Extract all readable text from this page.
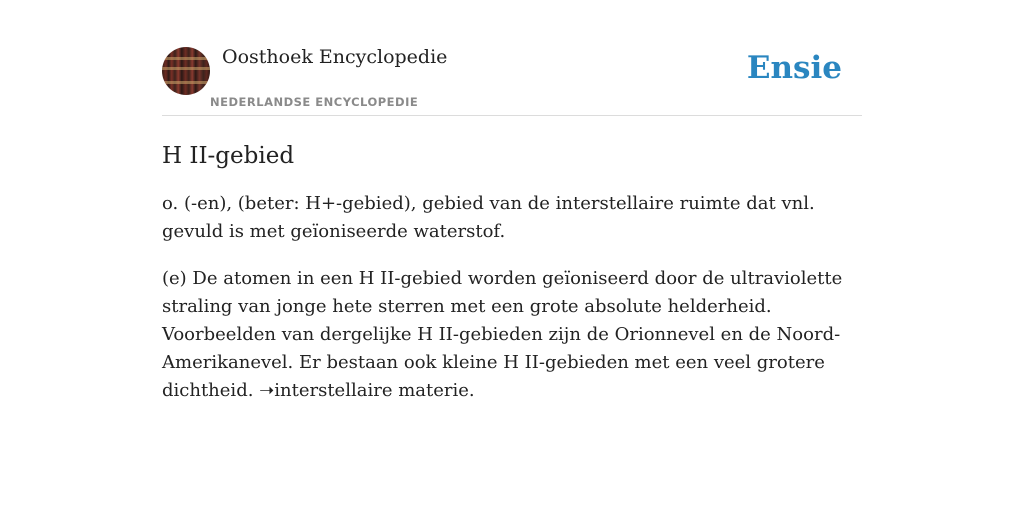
Oosthoek Encyclopedie
NEDERLANDSE ENCYCLOPEDIE
Ensie
H II-gebied

o. (-en), (beter: H+-gebied), gebied van de interstellaire ruimte dat vnl. gevuld is met geïoniseerde waterstof.

(e) De atomen in een H II-gebied worden geïoniseerd door de ultraviolette straling van jonge hete sterren met een grote absolute helderheid. Voorbeelden van dergelijke H II-gebieden zijn de Orionnevel en de Noord-Amerikanevel. Er bestaan ook kleine H II-gebieden met een veel grotere dichtheid. ➝interstellaire materie.
